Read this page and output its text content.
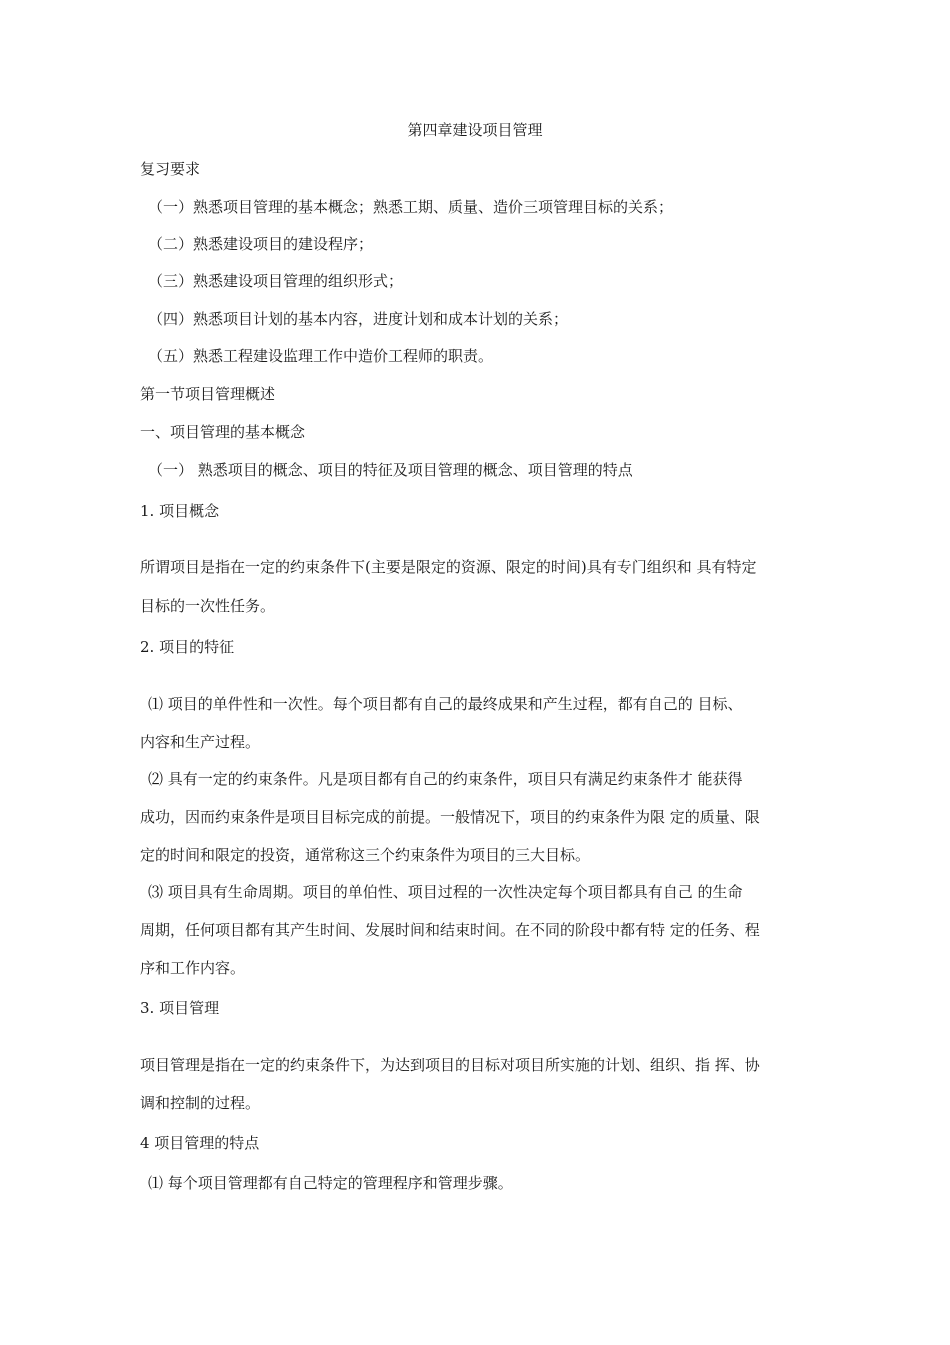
第四章建设项目管理
复习要求
（一）熟悉项目管理的基本概念；熟悉工期、质量、造价三项管理目标的关系；
（二）熟悉建设项目的建设程序；
（三）熟悉建设项目管理的组织形式；
（四）熟悉项目计划的基本内容，进度计划和成本计划的关系；
（五）熟悉工程建设监理工作中造价工程师的职责。
第一节项目管理概述
一、项目管理的基本概念
（一） 熟悉项目的概念、项目的特征及项目管理的概念、项目管理的特点
1. 项目概念
所谓项目是指在一定的约束条件下(主要是限定的资源、限定的时间)具有专门组织和 具有特定
目标的一次性任务。
2. 项目的特征
⑴ 项目的单件性和一次性。每个项目都有自己的最终成果和产生过程，都有自己的 目标、
内容和生产过程。
⑵ 具有一定的约束条件。凡是项目都有自己的约束条件，项目只有满足约束条件才 能获得
成功，因而约束条件是项目目标完成的前提。一般情况下，项目的约束条件为限 定的质量、限
定的时间和限定的投资，通常称这三个约束条件为项目的三大目标。
⑶ 项目具有生命周期。项目的单伯性、项目过程的一次性决定每个项目都具有自己 的生命
周期，任何项目都有其产生时间、发展时间和结束时间。在不同的阶段中都有特 定的任务、程
序和工作内容。
3. 项目管理
项目管理是指在一定的约束条件下，为达到项目的目标对项目所实施的计划、组织、指 挥、协
调和控制的过程。
4 项目管理的特点
⑴ 每个项目管理都有自己特定的管理程序和管理步骤。
